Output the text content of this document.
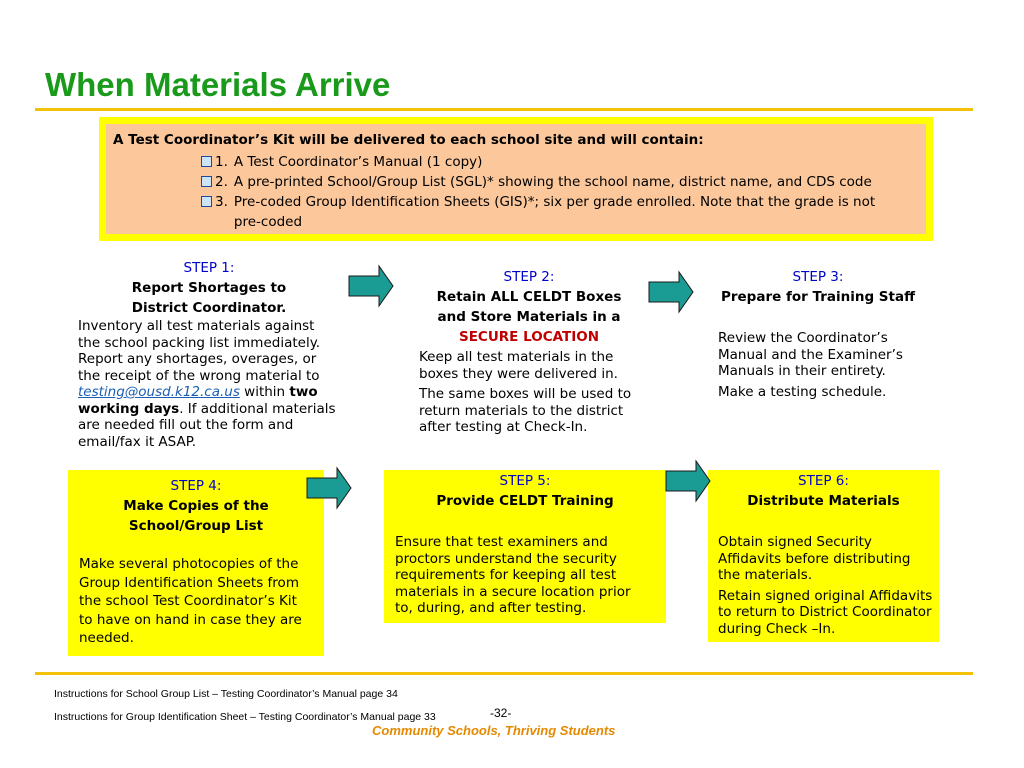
When Materials Arrive
A Test Coordinator’s Kit will be delivered to each school site and will contain:
1. A Test Coordinator’s Manual (1 copy)
2. A pre-printed School/Group List (SGL)* showing the school name, district name, and CDS code
3. Pre-coded Group Identification Sheets (GIS)*; six per grade enrolled. Note that the grade is not pre-coded
STEP 1:
Report Shortages to
District Coordinator.
Inventory all test materials against the school packing list immediately. Report any shortages, overages, or the receipt of the wrong material to testing@ousd.k12.ca.us within two working days. If additional materials are needed fill out the form and email/fax it ASAP.
STEP 2:
Retain ALL CELDT Boxes
and Store Materials in a
SECURE LOCATION

Keep all test materials in the boxes they were delivered in.

The same boxes will be used to return materials to the district after testing at Check-In.

STEP 3:
Prepare for Training Staff

Review the Coordinator’s Manual and the Examiner’s Manuals in their entirety.

Make a testing schedule.

STEP 4:
Make Copies of the
School/Group List

Make several photocopies of the Group Identification Sheets from the school Test Coordinator’s Kit to have on hand in case they are needed.

STEP 5:
Provide CELDT Training

Ensure that test examiners and proctors understand the security requirements for keeping all test materials in a secure location prior to, during, and after testing.

STEP 6:
Distribute Materials

Obtain signed Security Affidavits before distributing the materials.

Retain signed original Affidavits to return to District Coordinator during Check –In.

Instructions for School Group List – Testing Coordinator’s Manual page 34
Instructions for Group Identification Sheet – Testing Coordinator’s Manual page 33	-32-
Community Schools, Thriving Students
